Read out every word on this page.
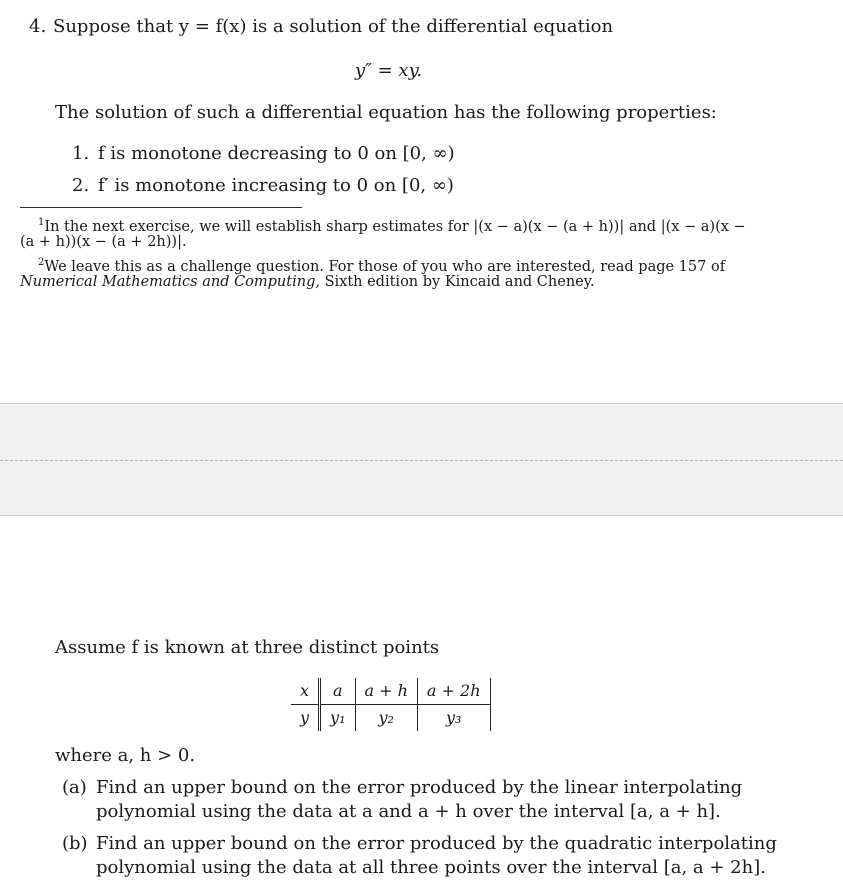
4. Suppose that y = f(x) is a solution of the differential equation
y″ = xy.
The solution of such a differential equation has the following properties:
1. f is monotone decreasing to 0 on [0, ∞)
2. f′ is monotone increasing to 0 on [0, ∞)
$^1$In the next exercise, we will establish sharp estimates for |(x − a)(x − (a + h))| and |(x − a)(x −
(a + h))(x − (a + 2h))|.
$^2$We leave this as a challenge question. For those of you who are interested, read page 157 of
Numerical Mathematics and Computing, Sixth edition by Kincaid and Cheney.
Assume f is known at three distinct points
x	a	a + h	a + 2h
y	y₁	y₂	y₃
where a, h > 0.
(a) Find an upper bound on the error produced by the linear interpolating
polynomial using the data at a and a + h over the interval [a, a + h].
(b) Find an upper bound on the error produced by the quadratic interpolating
polynomial using the data at all three points over the interval [a, a + 2h].
